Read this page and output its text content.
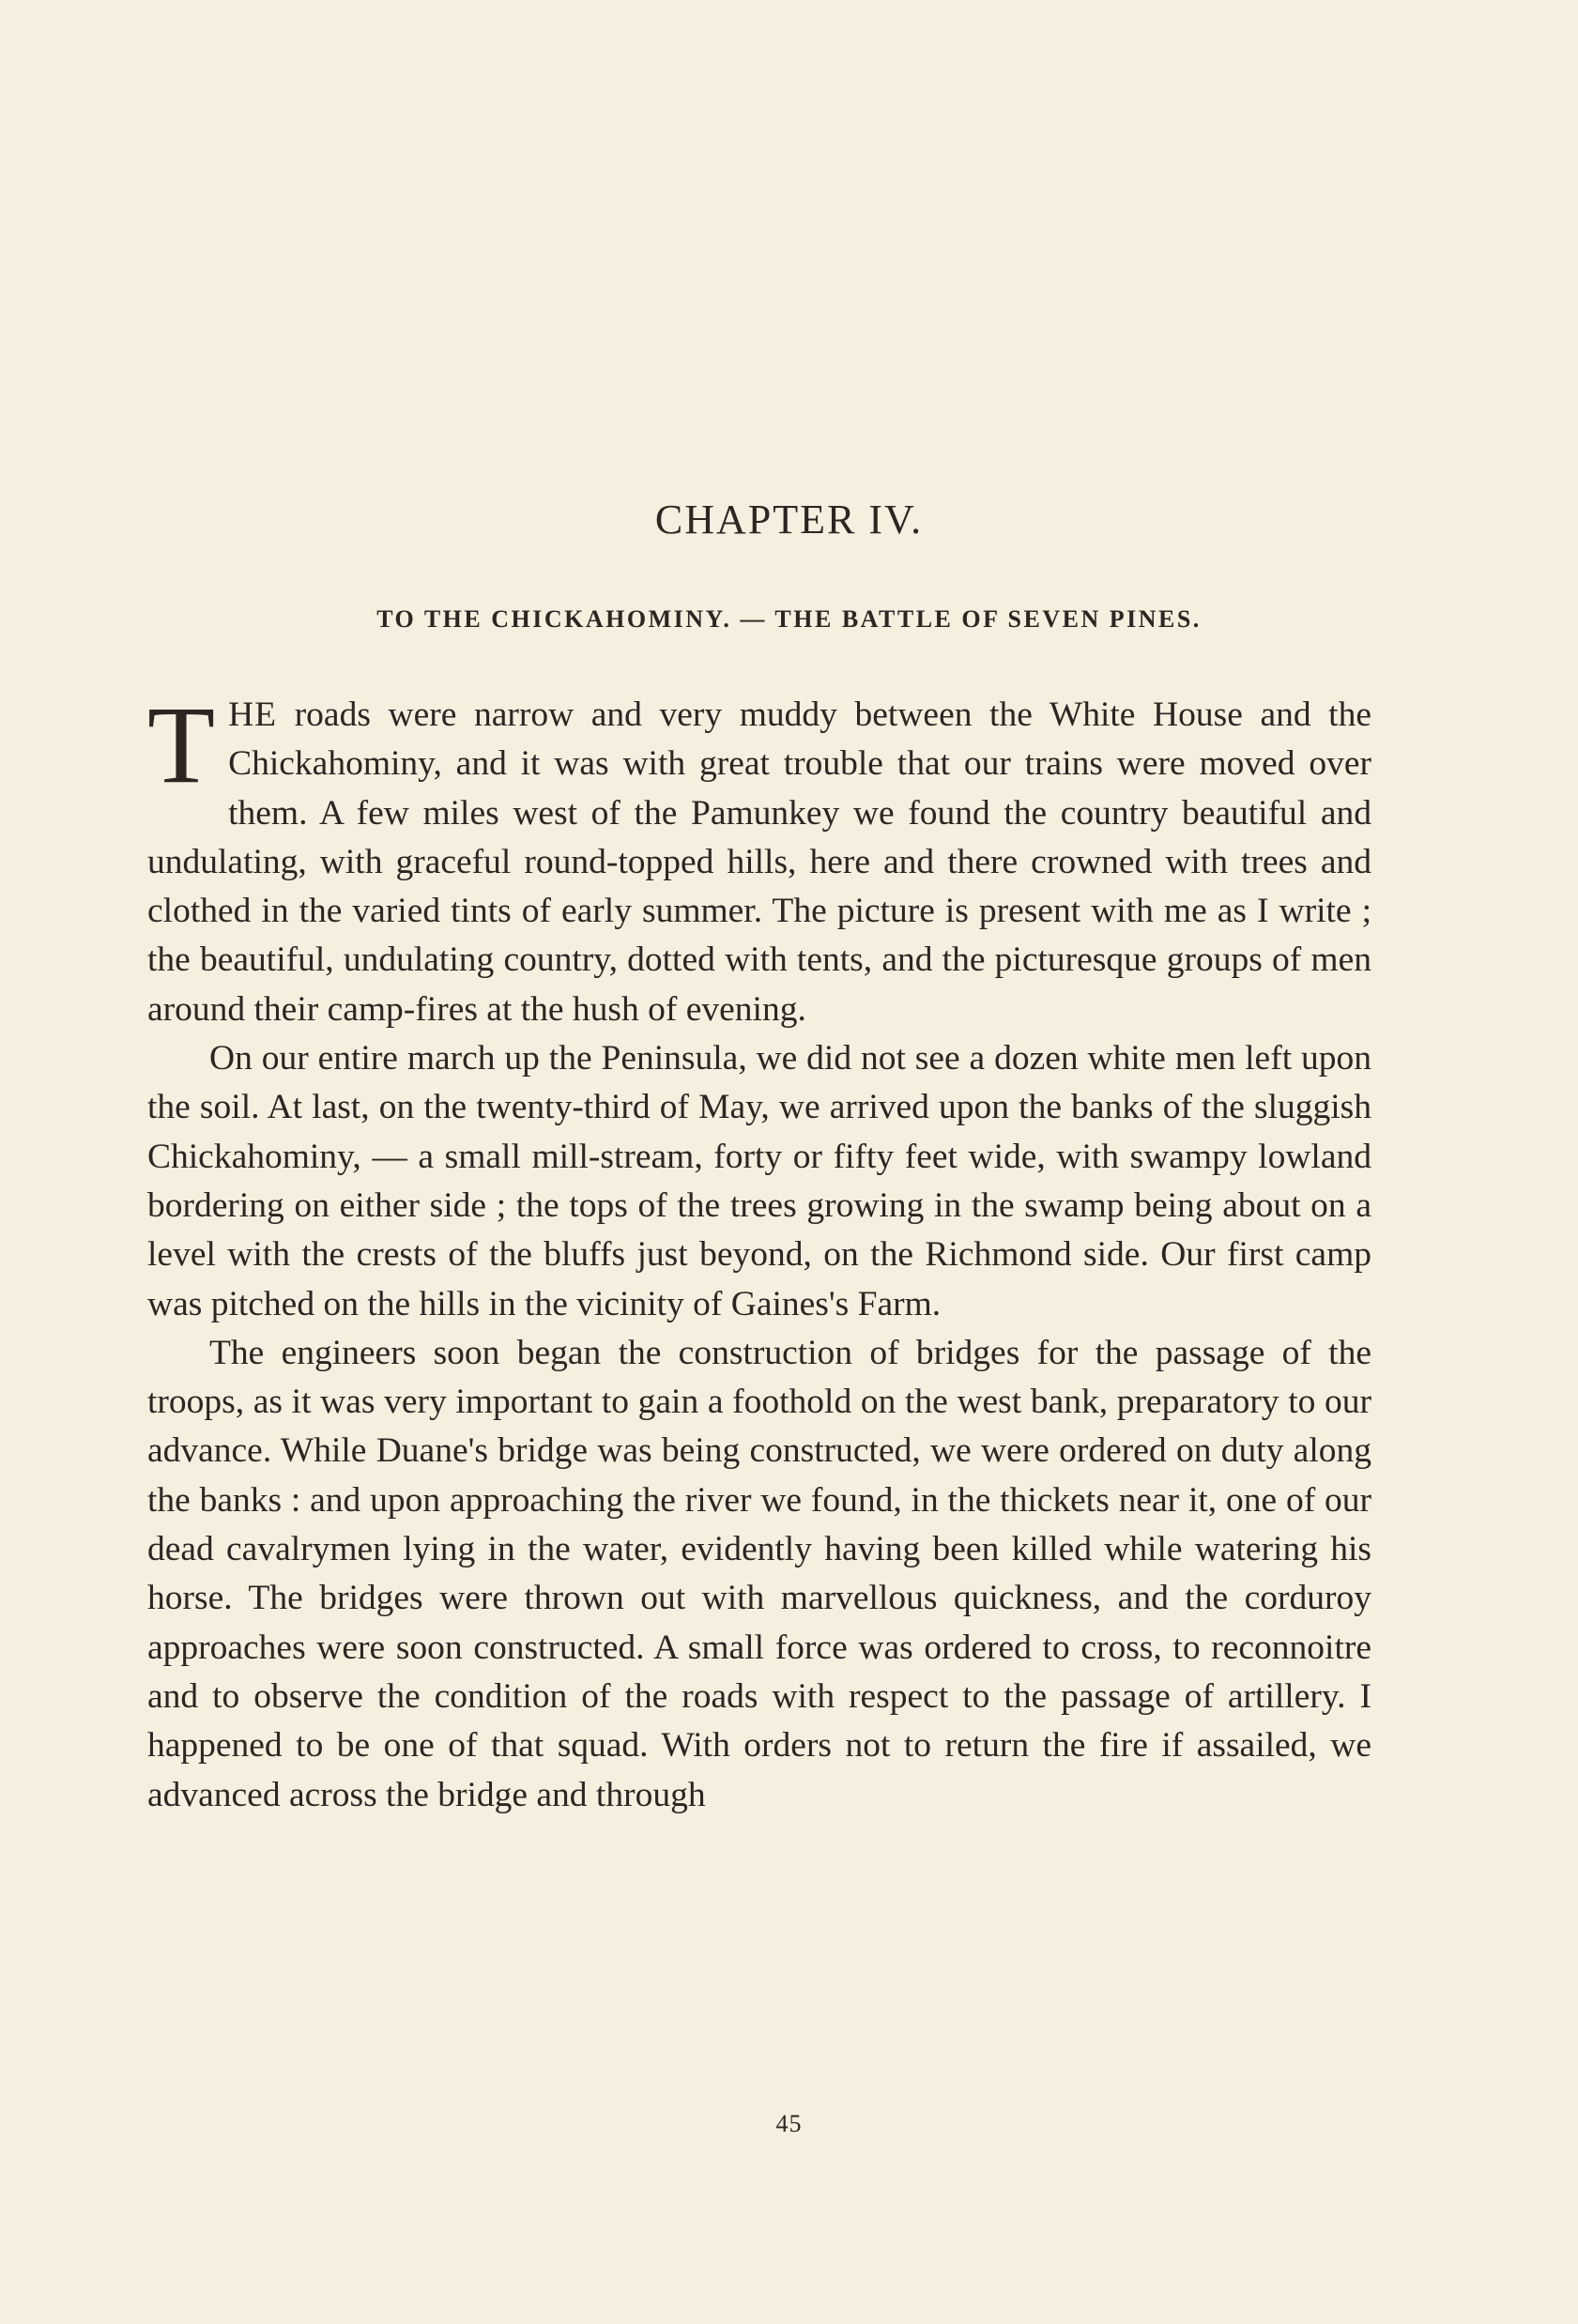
CHAPTER IV.
TO THE CHICKAHOMINY. — THE BATTLE OF SEVEN PINES.

THE roads were narrow and very muddy between the White House and the Chickahominy, and it was with great trouble that our trains were moved over them. A few miles west of the Pamunkey we found the country beautiful and undulating, with graceful round-topped hills, here and there crowned with trees and clothed in the varied tints of early summer. The picture is present with me as I write ; the beautiful, undulating country, dotted with tents, and the picturesque groups of men around their camp-fires at the hush of evening.

On our entire march up the Peninsula, we did not see a dozen white men left upon the soil. At last, on the twenty-third of May, we arrived upon the banks of the sluggish Chickahominy, — a small mill-stream, forty or fifty feet wide, with swampy lowland bordering on either side ; the tops of the trees growing in the swamp being about on a level with the crests of the bluffs just beyond, on the Richmond side. Our first camp was pitched on the hills in the vicinity of Gaines's Farm.

The engineers soon began the construction of bridges for the passage of the troops, as it was very important to gain a foothold on the west bank, preparatory to our advance. While Duane's bridge was being constructed, we were ordered on duty along the banks : and upon approaching the river we found, in the thickets near it, one of our dead cavalrymen lying in the water, evidently having been killed while watering his horse. The bridges were thrown out with marvellous quickness, and the corduroy approaches were soon constructed. A small force was ordered to cross, to reconnoitre and to observe the condition of the roads with respect to the passage of artillery. I happened to be one of that squad. With orders not to return the fire if assailed, we advanced across the bridge and through

45
